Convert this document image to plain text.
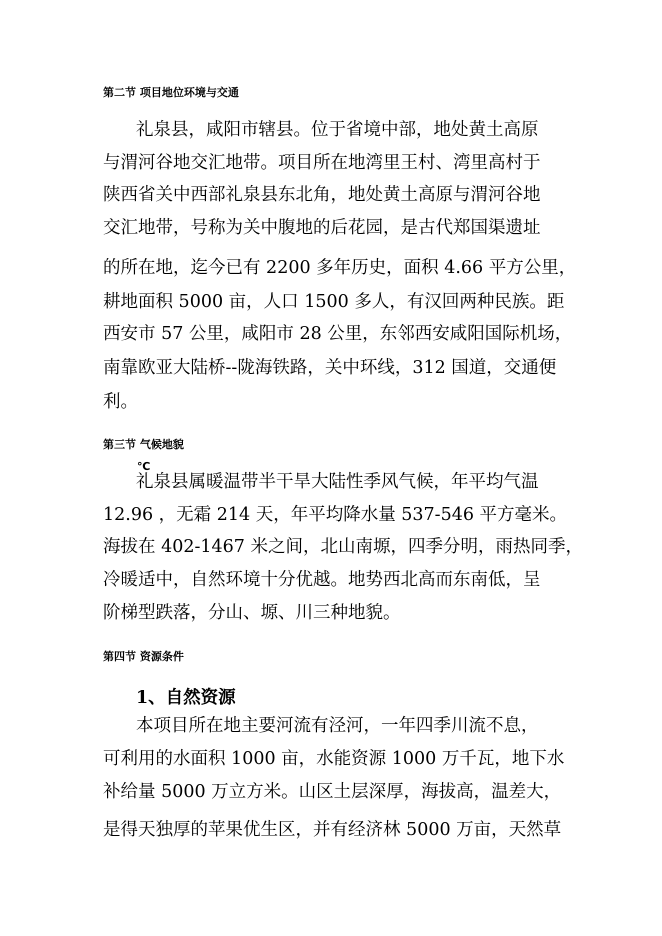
第二节 项目地位环境与交通
礼泉县，咸阳市辖县。位于省境中部，地处黄土高原
与渭河谷地交汇地带。项目所在地湾里王村、湾里高村于
陕西省关中西部礼泉县东北角，地处黄土高原与渭河谷地
交汇地带，号称为关中腹地的后花园，是古代郑国渠遗址
的所在地，迄今已有 2200 多年历史，面积 4.66 平方公里，
耕地面积 5000 亩，人口 1500 多人，有汉回两种民族。距
西安市 57 公里，咸阳市 28 公里，东邻西安咸阳国际机场，
南靠欧亚大陆桥--陇海铁路，关中环线，312 国道，交通便
利。
第三节 气候地貌
℃
礼泉县属暖温带半干旱大陆性季风气候，年平均气温
12.96 ，无霜 214 天，年平均降水量 537-546 平方毫米。
海拔在 402-1467 米之间，北山南塬，四季分明，雨热同季，
冷暖适中，自然环境十分优越。地势西北高而东南低，呈
阶梯型跌落，分山、塬、川三种地貌。
第四节 资源条件
1、自然资源
本项目所在地主要河流有泾河，一年四季川流不息，
可利用的水面积 1000 亩，水能资源 1000 万千瓦，地下水
补给量 5000 万立方米。山区土层深厚，海拔高，温差大，
是得天独厚的苹果优生区，并有经济林 5000 万亩，天然草
